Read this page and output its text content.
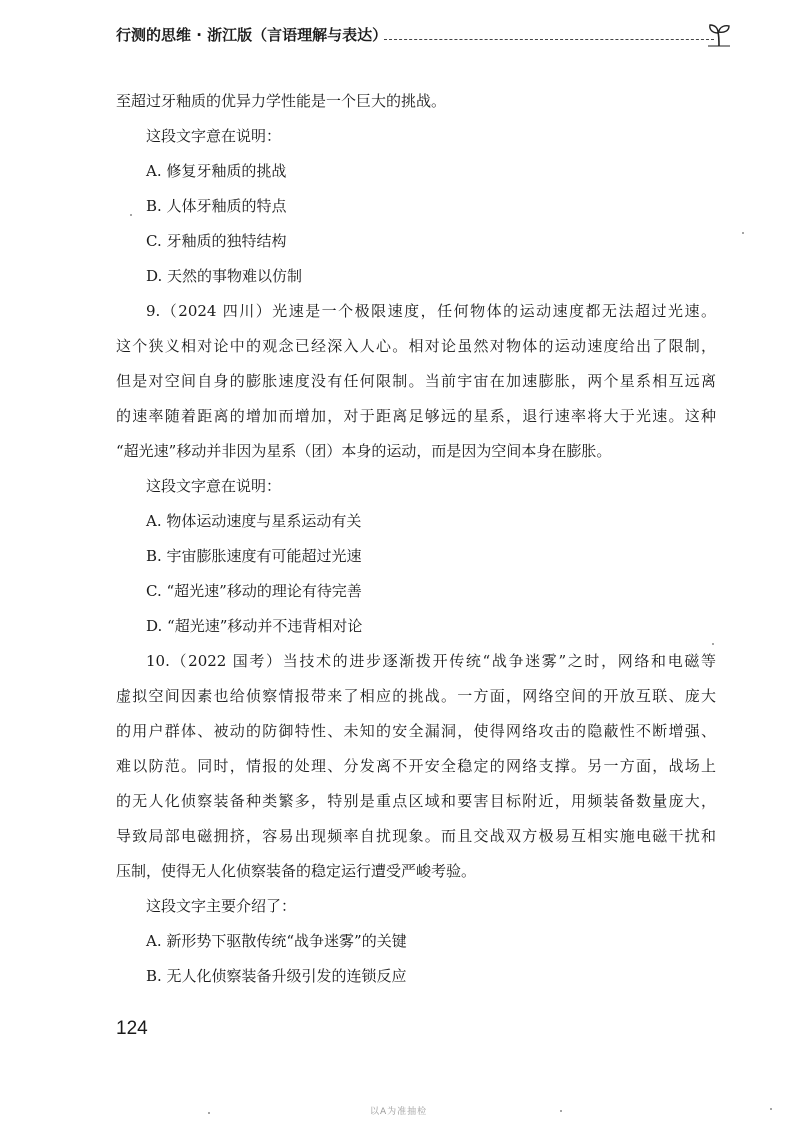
行测的思维 · 浙江版（言语理解与表达）
至超过牙釉质的优异力学性能是一个巨大的挑战。
这段文字意在说明：
A. 修复牙釉质的挑战
B. 人体牙釉质的特点
C. 牙釉质的独特结构
D. 天然的事物难以仿制
9.（2024 四川）光速是一个极限速度，任何物体的运动速度都无法超过光速。
这个狭义相对论中的观念已经深入人心。相对论虽然对物体的运动速度给出了限制，
但是对空间自身的膨胀速度没有任何限制。当前宇宙在加速膨胀，两个星系相互远离
的速率随着距离的增加而增加，对于距离足够远的星系，退行速率将大于光速。这种
“超光速”移动并非因为星系（团）本身的运动，而是因为空间本身在膨胀。
这段文字意在说明：
A. 物体运动速度与星系运动有关
B. 宇宙膨胀速度有可能超过光速
C. “超光速”移动的理论有待完善
D. “超光速”移动并不违背相对论
10.（2022 国考）当技术的进步逐渐拨开传统“战争迷雾”之时，网络和电磁等
虚拟空间因素也给侦察情报带来了相应的挑战。一方面，网络空间的开放互联、庞大
的用户群体、被动的防御特性、未知的安全漏洞，使得网络攻击的隐蔽性不断增强、
难以防范。同时，情报的处理、分发离不开安全稳定的网络支撑。另一方面，战场上
的无人化侦察装备种类繁多，特别是重点区域和要害目标附近，用频装备数量庞大，
导致局部电磁拥挤，容易出现频率自扰现象。而且交战双方极易互相实施电磁干扰和
压制，使得无人化侦察装备的稳定运行遭受严峻考验。
这段文字主要介绍了：
A. 新形势下驱散传统“战争迷雾”的关键
B. 无人化侦察装备升级引发的连锁反应
124
以A为准抽检
